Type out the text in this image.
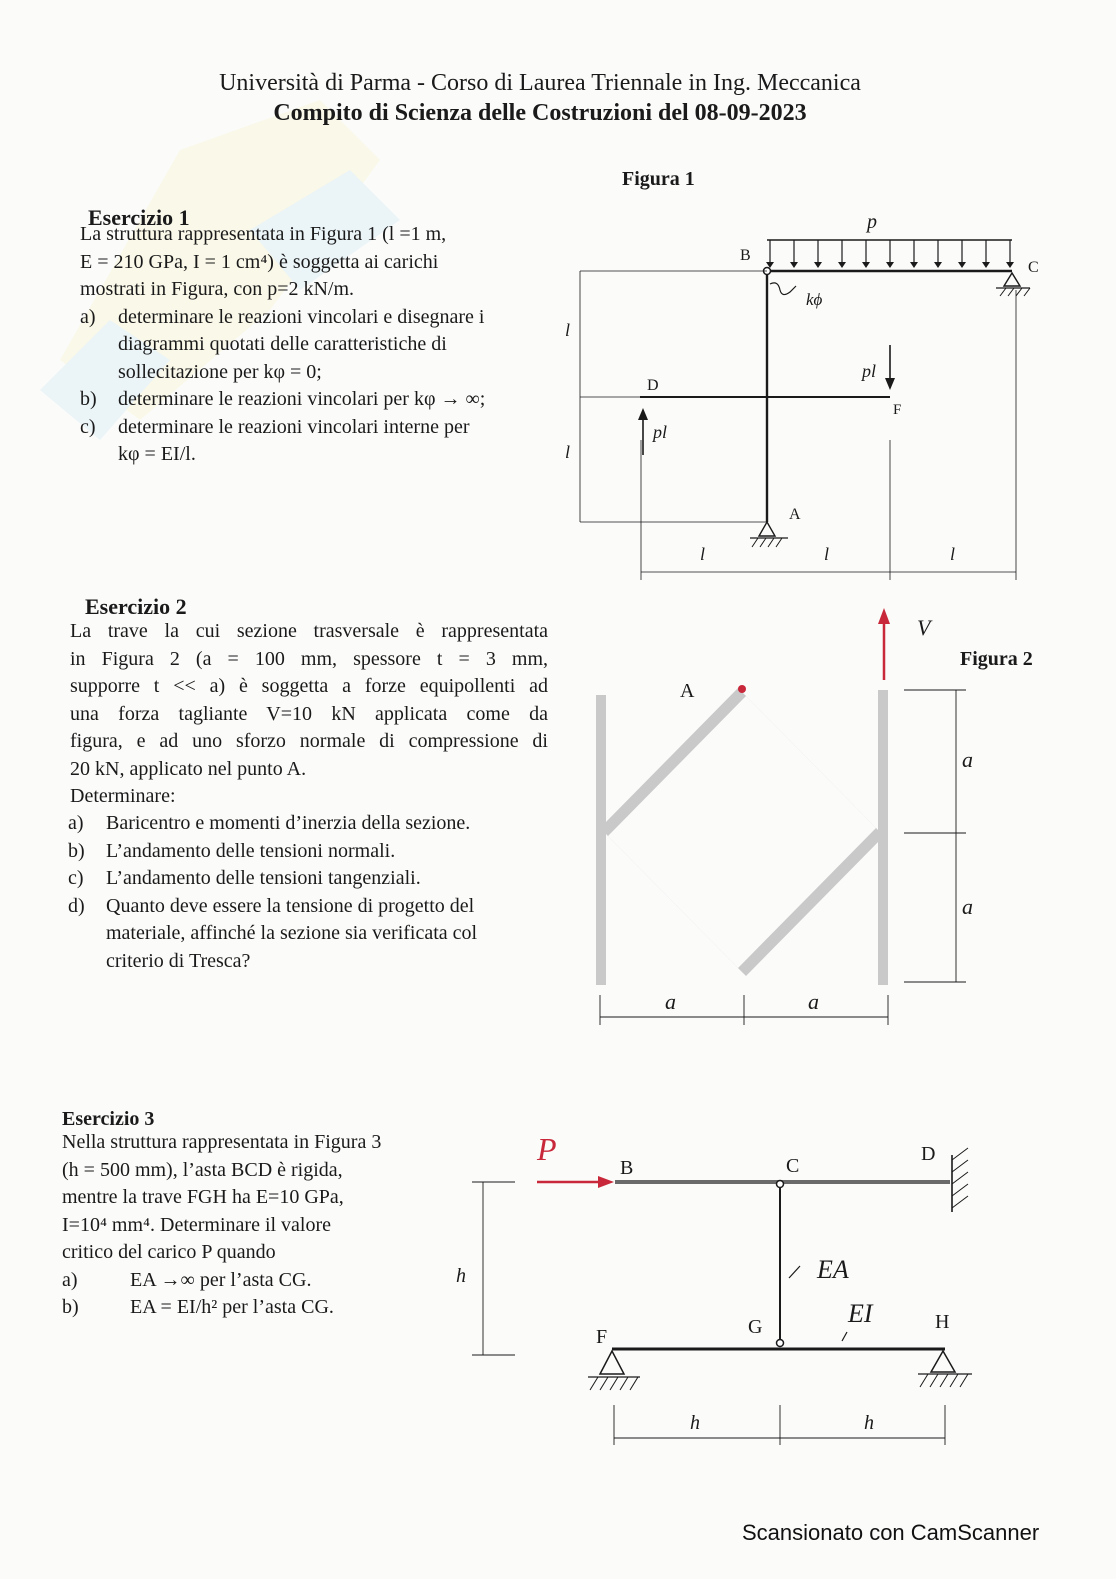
Università di Parma - Corso di Laurea Triennale in Ing. Meccanica
Compito di Scienza delle Costruzioni del 08-09-2023
Esercizio 1

La struttura rappresentata in Figura 1 (l =1 m,

E = 210 GPa, I = 1 cm⁴) è soggetta ai carichi

mostrati in Figura, con p=2 kN/m.

a)	determinare le reazioni vincolari e disegnare i

diagrammi quotati delle caratteristiche di

sollecitazione per kφ = 0;

b)	determinare le reazioni vincolari per kφ → ∞;

c)	determinare le reazioni vincolari interne per

kφ = EI/l.

Figura 1
p
B
C
kϕ
D
F
pl
pl
A
l
l
l	l	l
Esercizio 2

La trave la cui sezione trasversale è rappresentata

in Figura 2 (a = 100 mm, spessore t = 3 mm,

supporre t << a) è soggetta a forze equipollenti ad

una forza tagliante V=10 kN applicata come da

figura, e ad uno sforzo normale di compressione di

20 kN, applicato nel punto A.

Determinare:

a)	Baricentro e momenti d’inerzia della sezione.

b)	L’andamento delle tensioni normali.

c)	L’andamento delle tensioni tangenziali.

d)	Quanto deve essere la tensione di progetto del

materiale, affinché la sezione sia verificata col

criterio di Tresca?

Figura 2
V
A
a
a
a	a
Esercizio 3

Nella struttura rappresentata in Figura 3

(h = 500 mm), l’asta BCD è rigida,

mentre la trave FGH ha E=10 GPa,

I=10⁴ mm⁴. Determinare il valore

critico del carico P quando

a)	EA →∞ per l’asta CG.

b)	EA = EI/h² per l’asta CG.

P
B	C
D
EA
EI
F	G	H
h
h	h
Scansionato con CamScanner
